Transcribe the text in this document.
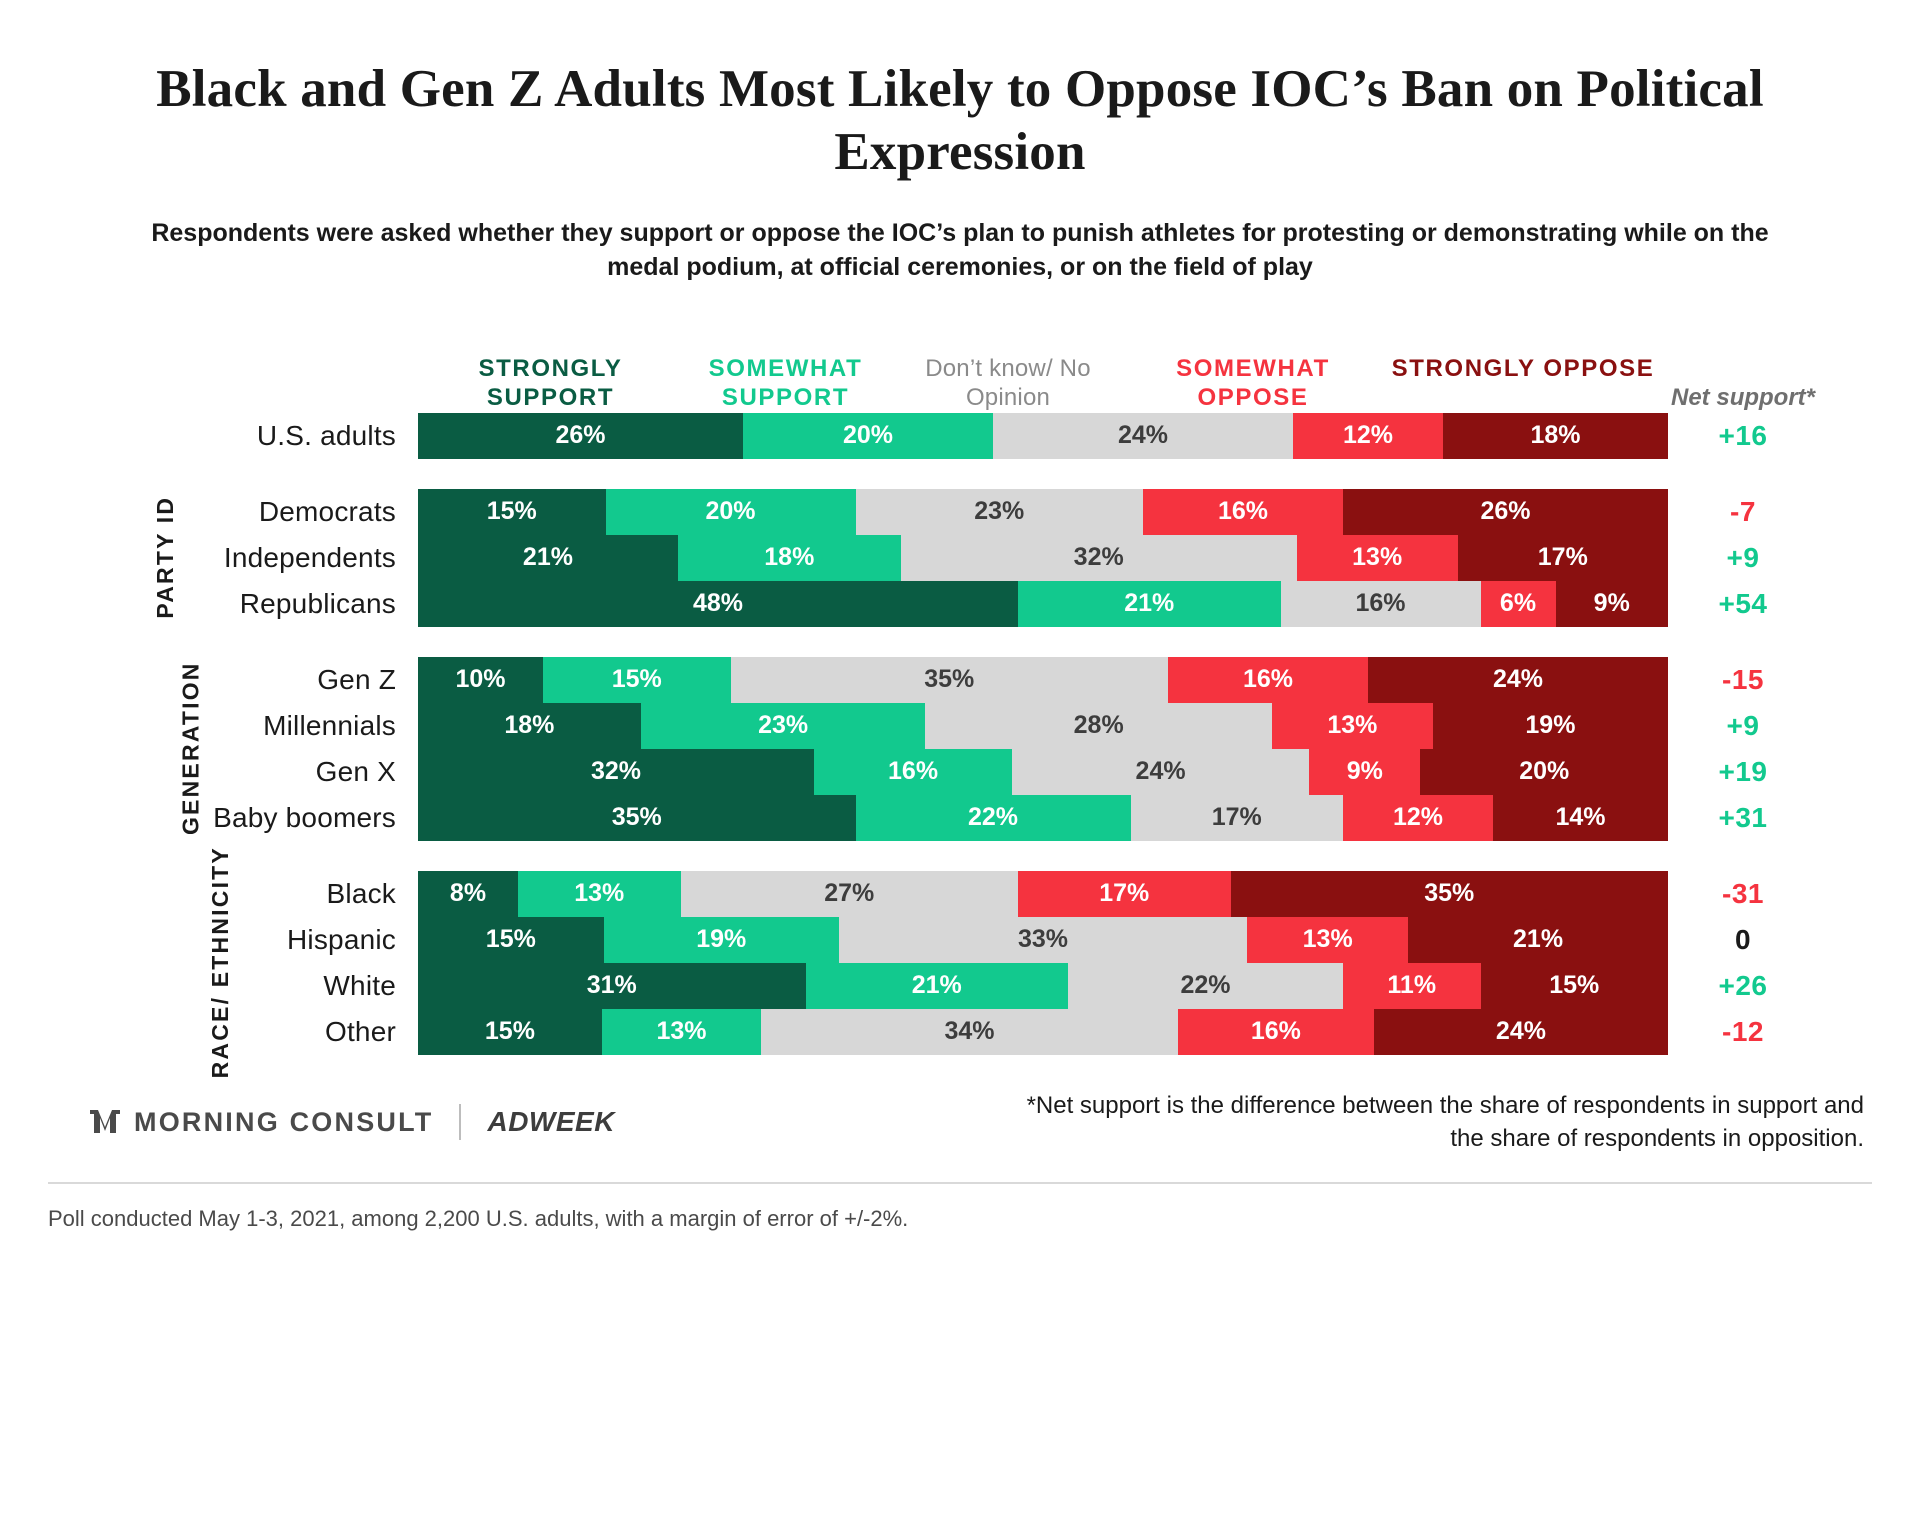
Black and Gen Z Adults Most Likely to Oppose IOC’s Ban on Political Expression
Respondents were asked whether they support or oppose the IOC’s plan to punish athletes for protesting or demonstrating while on the medal podium, at official ceremonies, or on the field of play
STRONGLY SUPPORT
SOMEWHAT SUPPORT
Don’t know/ No Opinion
SOMEWHAT OPPOSE
STRONGLY OPPOSE
Net support*
U.S. adults	26%	20%	24%	12%	18%	+16
PARTY ID	Democrats	15%	20%	23%	16%	26%	-7
Independents	21%	18%	32%	13%	17%	+9
Republicans	48%	21%	16%	6%	9%	+54
GENERATION	Gen Z	10%	15%	35%	16%	24%	-15
Millennials	18%	23%	28%	13%	19%	+9
Gen X	32%	16%	24%	9%	20%	+19
Baby boomers	35%	22%	17%	12%	14%	+31
RACE/ ETHNICITY	Black	8%	13%	27%	17%	35%	-31
Hispanic	15%	19%	33%	13%	21%	0
White	31%	21%	22%	11%	15%	+26
Other	15%	13%	34%	16%	24%	-12
MORNING CONSULT ADWEEK
*Net support is the difference between the share of respondents in support and the share of respondents in opposition.
Poll conducted May 1-3, 2021, among 2,200 U.S. adults, with a margin of error of +/-2%.
